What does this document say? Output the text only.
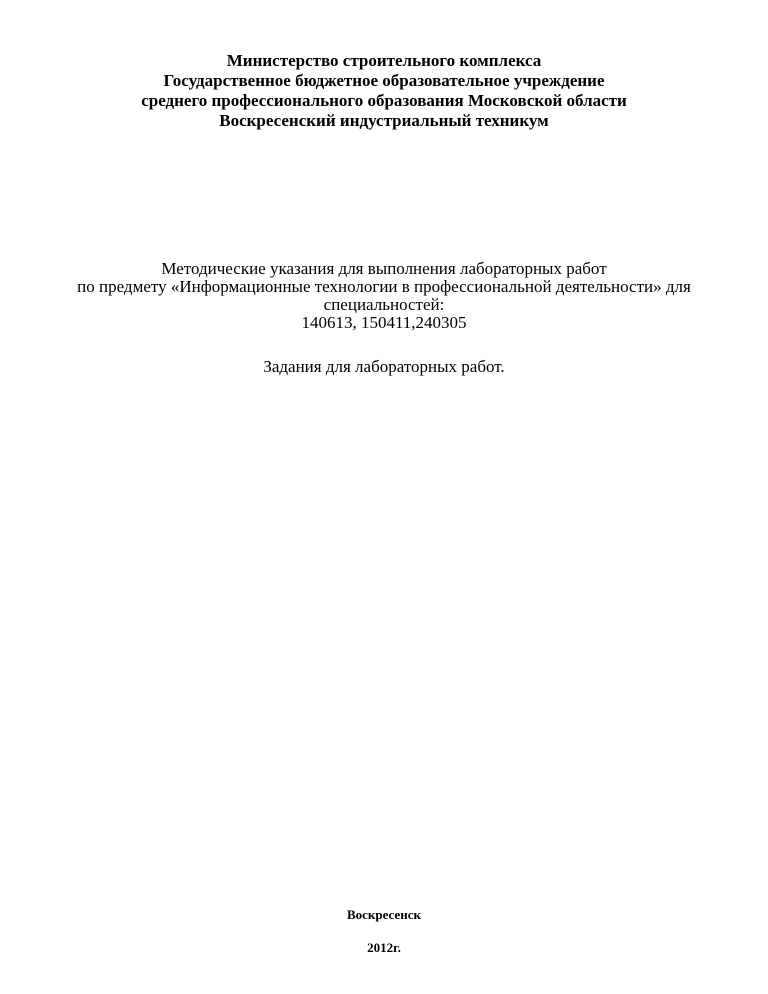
Министерство строительного комплекса
Государственное бюджетное образовательное учреждение
среднего профессионального образования Московской области
Воскресенский индустриальный техникум
Методические указания для выполнения лабораторных работ
по предмету «Информационные технологии в профессиональной деятельности» для
специальностей:
140613, 150411,240305
Задания для лабораторных работ.
Воскресенск
2012г.
